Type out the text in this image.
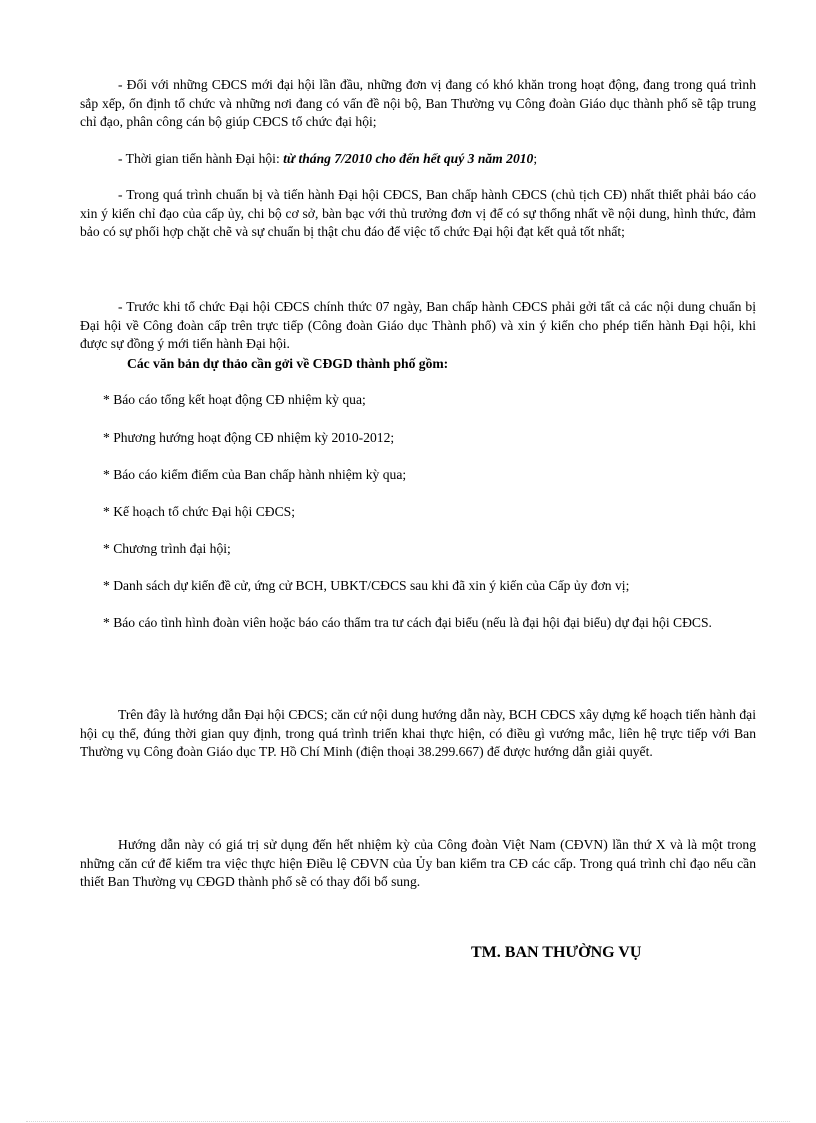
- Đối với những CĐCS mới đại hội lần đầu, những đơn vị đang có khó khăn trong hoạt động, đang trong quá trình sắp xếp, ổn định tổ chức và những nơi đang có vấn đề nội bộ, Ban Thường vụ Công đoàn Giáo dục thành phố sẽ tập trung chỉ đạo, phân công cán bộ giúp CĐCS tổ chức đại hội;

- Thời gian tiến hành Đại hội: từ tháng 7/2010 cho đến hết quý 3 năm 2010;

- Trong quá trình chuẩn bị và tiến hành Đại hội CĐCS, Ban chấp hành CĐCS (chủ tịch CĐ) nhất thiết phải báo cáo xin ý kiến chỉ đạo của cấp ủy, chi bộ cơ sở, bàn bạc với thủ trưởng đơn vị để có sự thống nhất về nội dung, hình thức, đảm bảo có sự phối hợp chặt chẽ và sự chuẩn bị thật chu đáo để việc tổ chức Đại hội đạt kết quả tốt nhất;

- Trước khi tổ chức Đại hội CĐCS chính thức 07 ngày, Ban chấp hành CĐCS phải gởi tất cả các nội dung chuẩn bị Đại hội về Công đoàn cấp trên trực tiếp (Công đoàn Giáo dục Thành phố) và xin ý kiến cho phép tiến hành Đại hội, khi được sự đồng ý mới tiến hành Đại hội.

Các văn bản dự thảo cần gởi về CĐGD thành phố gồm:

* Báo cáo tổng kết hoạt động CĐ nhiệm kỳ qua;

* Phương hướng hoạt động CĐ nhiệm kỳ 2010-2012;

* Báo cáo kiểm điểm của Ban chấp hành nhiệm kỳ qua;

* Kế hoạch tổ chức Đại hội CĐCS;

* Chương trình đại hội;

* Danh sách dự kiến đề cử, ứng cử BCH, UBKT/CĐCS sau khi đã xin ý kiến của Cấp ủy đơn vị;

* Báo cáo tình hình đoàn viên hoặc báo cáo thẩm tra tư cách đại biểu (nếu là đại hội đại biểu) dự đại hội CĐCS.

Trên đây là hướng dẫn Đại hội CĐCS; căn cứ nội dung hướng dẫn này, BCH CĐCS xây dựng kế hoạch tiến hành đại hội cụ thể, đúng thời gian quy định, trong quá trình triển khai thực hiện, có điều gì vướng mắc, liên hệ trực tiếp với Ban Thường vụ Công đoàn Giáo dục TP. Hồ Chí Minh (điện thoại 38.299.667) để được hướng dẫn giải quyết.

Hướng dẫn này có giá trị sử dụng đến hết nhiệm kỳ của Công đoàn Việt Nam (CĐVN) lần thứ X và là một trong những căn cứ để kiểm tra việc thực hiện Điều lệ CĐVN của Ủy ban kiểm tra CĐ các cấp. Trong quá trình chỉ đạo nếu cần thiết Ban Thường vụ CĐGD thành phố sẽ có thay đổi bổ sung.

TM. BAN THƯỜNG VỤ
